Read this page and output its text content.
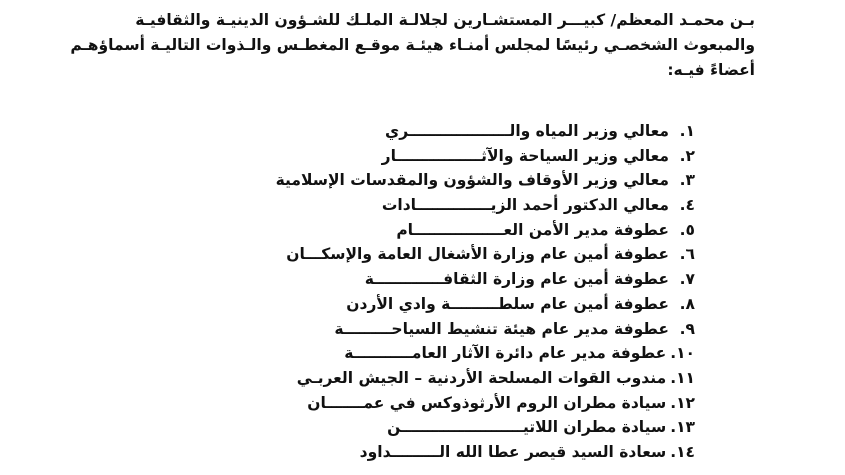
بـن محمـد المعظم/ كبيـــر المستشـارين لجلالـة الملـك للشـؤون الدينيـة والثقافيـة
والمبعوث الشخصـي رئيسًا لمجلس أمنـاء هيئـة موقـع المغطـس والـذوات التاليـة أسماؤهـم
أعضاءً فيـه:
١.
معالي وزير المياه والـــــــــــــــــــري
٢.
معالي وزير السياحة والآثــــــــــــــــار
٣.
معالي وزير الأوقاف والشؤون والمقدسات الإسلامية
٤.
معالي الدكتور أحمد الزيــــــــــــــادات
٥.
عطوفة مدير الأمن العـــــــــــــــــام
٦.
عطوفة أمين عام وزارة الأشغال العامة والإسكـــان
٧.
عطوفة أمين عام وزارة الثقافـــــــــــــة
٨.
عطوفة أمين عام سلطـــــــــة وادي الأردن
٩.
عطوفة مدير عام هيئة تنشيط السياحـــــــــة
١٠.
عطوفة مدير عام دائرة الآثار العامـــــــــــة
١١.
مندوب القوات المسلحة الأردنية – الجيش العربـي
١٢.
سيادة مطران الروم الأرثوذوكس في عمـــــــان
١٣.
سيادة مطران اللاتيـــــــــــــــــــــــن
١٤.
سعادة السيد قيصر عطا الله الـــــــــداود
